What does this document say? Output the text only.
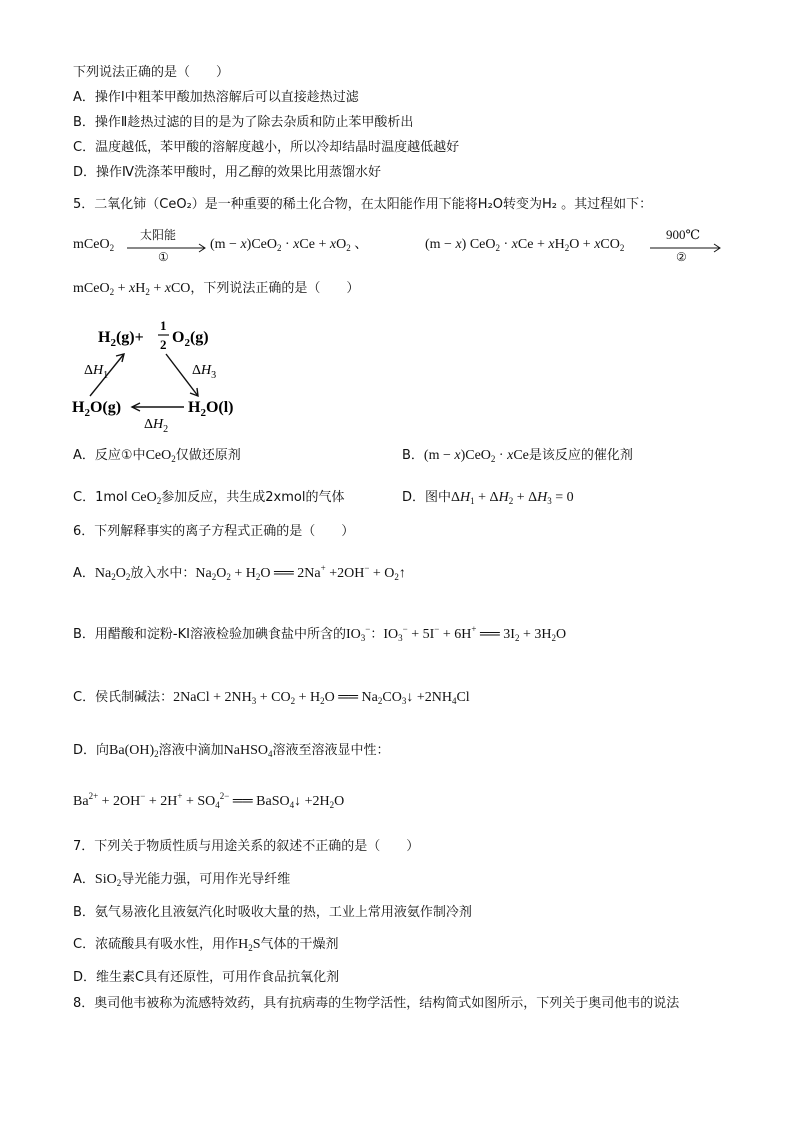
下列说法正确的是（　　）
A．操作Ⅰ中粗苯甲酸加热溶解后可以直接趁热过滤
B．操作Ⅱ趁热过滤的目的是为了除去杂质和防止苯甲酸析出
C．温度越低，苯甲酸的溶解度越小，所以冷却结晶时温度越低越好
D．操作Ⅳ洗涤苯甲酸时，用乙醇的效果比用蒸馏水好
5．二氧化铈（CeO₂）是一种重要的稀土化合物，在太阳能作用下能将H₂O转变为H₂ 。其过程如下：
mCeO$_2$
太阳能
①
(m − x)CeO$_2$ · xCe + $xO_2$ 、	(m − x) CeO$_2$ · xCe + $xH_2O + xCO_2$
900℃
②
mCeO$_2$ + $xH_2$ + xCO，下列说法正确的是（　　）
$H_2(g)+$
1
2 $O_2(g)$
$\Delta H_1$	$\Delta H_3$
$H_2O(g)$	$H_2O(l)$
$\Delta H_2$
A．反应①中CeO$_2$仅做还原剂	B．(m − x)CeO$_2$ · xCe是该反应的催化剂
C．1mol CeO$_2$参加反应，共生成2xmol的气体	D．图中$\Delta H_1 + \Delta H_2 + \Delta H_3 = 0$
6．下列解释事实的离子方程式正确的是（　　）
A．$Na_2O_2$放入水中：$Na_2O_2 + H_2O$ ══ $2Na^+ +2OH^- + O_2↑$
B．用醋酸和淀粉-KI溶液检验加碘食盐中所含的$IO_3^-$：$IO_3^- + 5I^- + 6H^+$ ══ $3I_2 + 3H_2O$
C．侯氏制碱法：2NaCl + $2NH_3 + CO_2 + H_2O$ ══ $Na_2CO_3↓ +2NH_4Cl$
D．向$Ba(OH)_2$溶液中滴加NaHSO$_4$溶液至溶液显中性：
$Ba^{2+} + 2OH^- + 2H^+ + SO_4^{2-}$ ══ BaSO$_4$↓ $+2H_2O$
7．下列关于物质性质与用途关系的叙述不正确的是（　　）
A．SiO$_2$导光能力强，可用作光导纤维
B．氨气易液化且液氨汽化时吸收大量的热，工业上常用液氨作制冷剂
C．浓硫酸具有吸水性，用作$H_2S$气体的干燥剂
D．维生素C具有还原性，可用作食品抗氧化剂
8．奥司他韦被称为流感特效药，具有抗病毒的生物学活性，结构简式如图所示，下列关于奥司他韦的说法
